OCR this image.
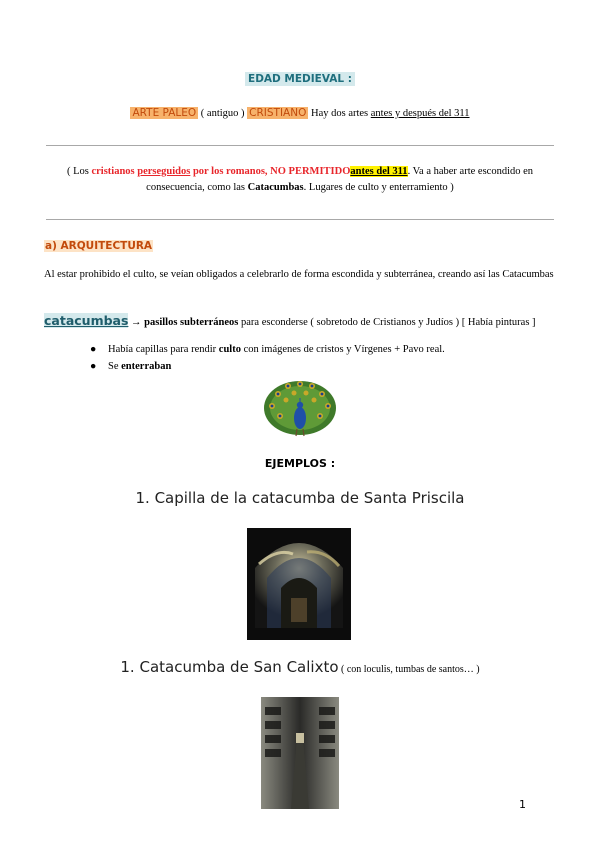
EDAD MEDIEVAL :
ARTE PALEO ( antiguo ) CRISTIANO Hay dos artes antes y después del 311
( Los cristianos perseguidos por los romanos, NO PERMITIDOantes del 311. Va a haber arte escondido en
consecuencia, como las Catacumbas. Lugares de culto y enterramiento )
a) ARQUITECTURA
Al estar prohibido el culto, se veían obligados a celebrarlo de forma escondida y subterránea, creando así las Catacumbas
catacumbas → pasillos subterráneos para esconderse ( sobretodo de Cristianos y Judíos ) [ Había pinturas ]
● Había capillas para rendir culto con imágenes de cristos y Vírgenes + Pavo real.
● Se enterraban
EJEMPLOS :
1. Capilla de la catacumba de Santa Priscila
1. Catacumba de San Calixto ( con loculis, tumbas de santos… )
1
